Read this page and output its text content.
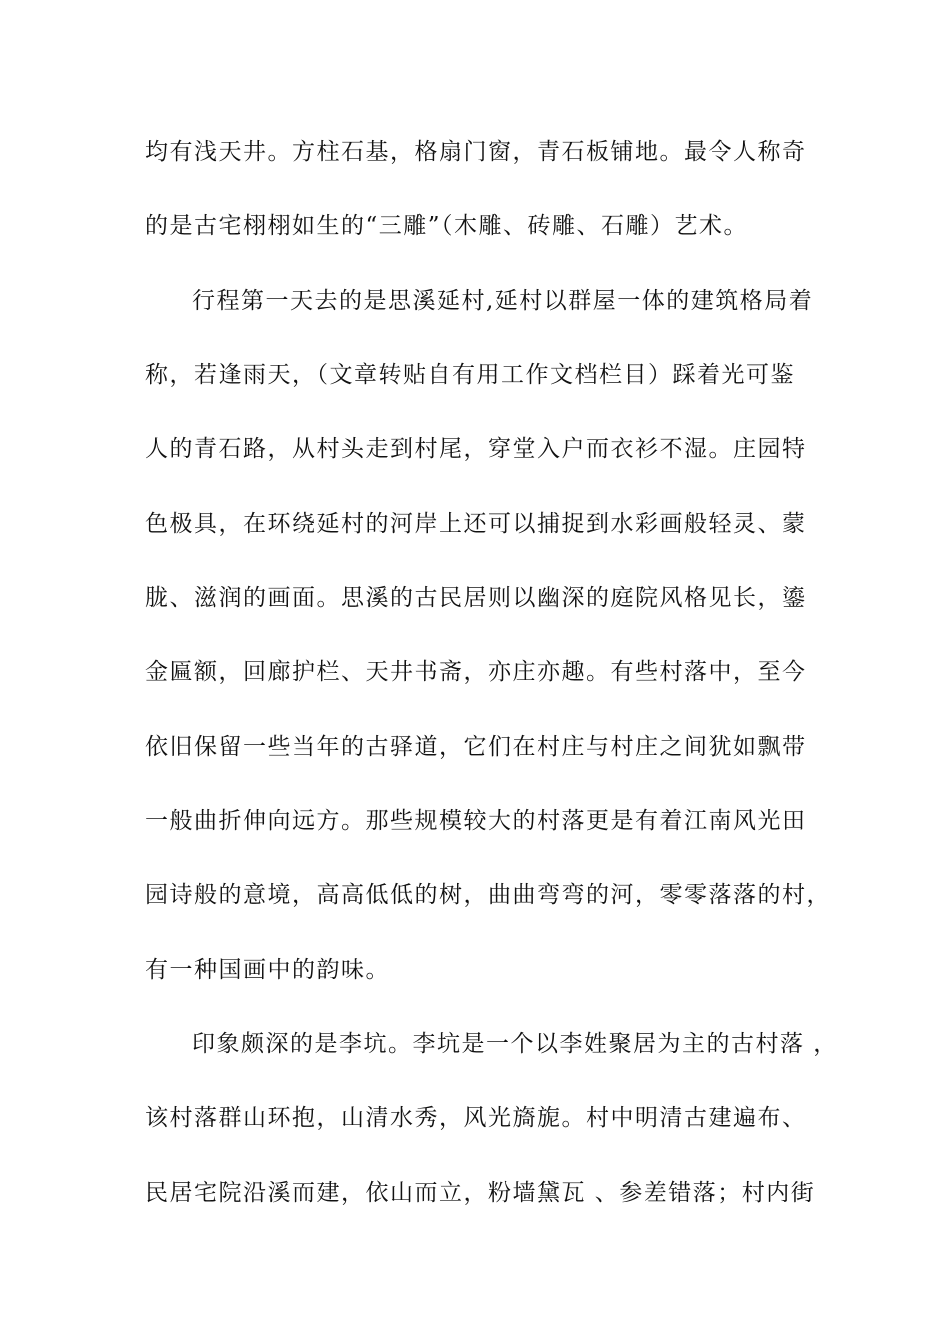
均有浅天井。方柱石基，格扇门窗，青石板铺地。最令人称奇
的是古宅栩栩如生的“三雕”（木雕、砖雕、石雕）艺术。
行程第一天去的是思溪延村,延村以群屋一体的建筑格局着
称，若逢雨天，（文章转贴自有用工作文档栏目）踩着光可鉴
人的青石路，从村头走到村尾，穿堂入户而衣衫不湿。庄园特
色极具，在环绕延村的河岸上还可以捕捉到水彩画般轻灵、蒙
胧、滋润的画面。思溪的古民居则以幽深的庭院风格见长，鎏
金匾额，回廊护栏、天井书斋，亦庄亦趣。有些村落中，至今
依旧保留一些当年的古驿道，它们在村庄与村庄之间犹如飘带
一般曲折伸向远方。那些规模较大的村落更是有着江南风光田
园诗般的意境，高高低低的树，曲曲弯弯的河，零零落落的村，
有一种国画中的韵味。
印象颇深的是李坑。李坑是一个以李姓聚居为主的古村落 ，
该村落群山环抱，山清水秀，风光旖旎。村中明清古建遍布、
民居宅院沿溪而建，依山而立，粉墙黛瓦 、参差错落；村内街
